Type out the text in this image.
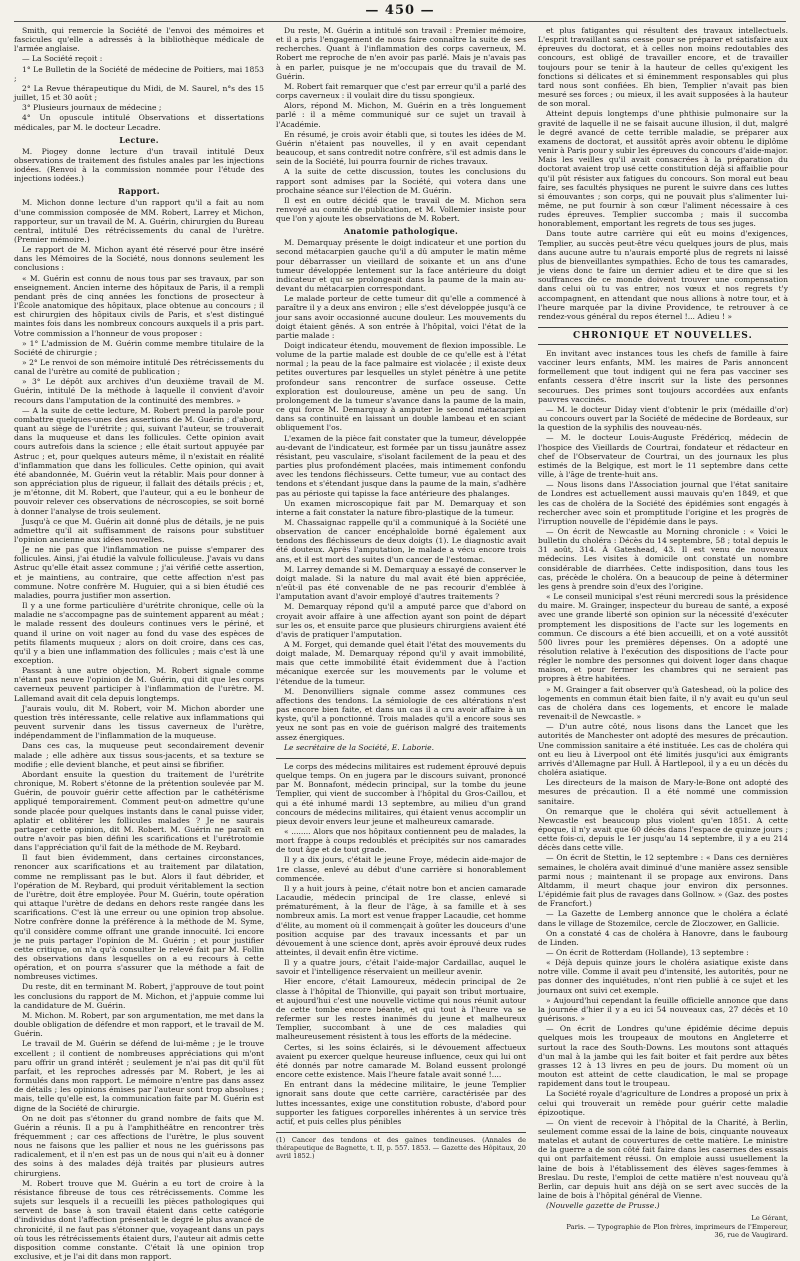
— 450 —

Smith, qui remercie la Société de l'envoi des mémoires et fascicules qu'elle a adressés à la bibliothèque médicale de l'armée anglaise.

— La Société reçoit :

1° Le Bulletin de la Société de médecine de Poitiers, mai 1853 ;

2° La Revue thérapeutique du Midi, de M. Saurel, n°s des 15 juillet, 15 et 30 août ;

3° Plusieurs journaux de médecine ;

4° Un opuscule intitulé Observations et dissertations médicales, par M. le docteur Lecadre.

Lecture.

M. Piogey donne lecture d'un travail intitulé Deux observations de traitement des fistules anales par les injections iodées. (Renvoi à la commission nommée pour l'étude des injections iodées.)

Rapport.

M. Michon donne lecture d'un rapport qu'il a fait au nom d'une commission composée de MM. Robert, Larrey et Michon, rapporteur, sur un travail de M. A. Guérin, chirurgien du Bureau central, intitulé Des rétrécissements du canal de l'urètre. (Premier mémoire.)

Le rapport de M. Michon ayant été réservé pour être inséré dans les Mémoires de la Société, nous donnons seulement les conclusions :

« M. Guérin est connu de nous tous par ses travaux, par son enseignement. Ancien interne des hôpitaux de Paris, il a rempli pendant près de cinq années les fonctions de prosecteur à l'École anatomique des hôpitaux, place obtenue au concours ; il est chirurgien des hôpitaux civils de Paris, et s'est distingué maintes fois dans les nombreux concours auxquels il a pris part. Votre commission a l'honneur de vous proposer :

» 1° L'admission de M. Guérin comme membre titulaire de la Société de chirurgie ;

» 2° Le renvoi de son mémoire intitulé Des rétrécissements du canal de l'urètre au comité de publication ;

» 3° Le dépôt aux archives d'un deuxième travail de M. Guérin, intitulé De la méthode à laquelle il convient d'avoir recours dans l'amputation de la continuité des membres. »

— A la suite de cette lecture, M. Robert prend la parole pour combattre quelques-unes des assertions de M. Guérin ; d'abord, quant au siège de l'urétrite ; qui, suivant l'auteur, se trouverait dans la muqueuse et dans les follicules. Cette opinion avait cours autrefois dans la science ; elle était surtout appuyée par Astruc ; et, pour quelques auteurs même, il n'existait en réalité d'inflammation que dans les follicules. Cette opinion, qui avait été abandonnée, M. Guérin veut la rétablir. Mais pour donner à son appréciation plus de rigueur, il fallait des détails précis ; et, je m'étonne, dit M. Robert, que l'auteur, qui a eu le bonheur de pouvoir relever ces observations de nécroscopies, se soit borné à donner l'analyse de trois seulement.

Jusqu'à ce que M. Guérin ait donné plus de détails, je ne puis admettre qu'il ait suffisamment de raisons pour substituer l'opinion ancienne aux idées nouvelles.

Je ne nie pas que l'inflammation ne puisse s'emparer des follicules. Ainsi, j'ai étudié la valvule folliculeuse. J'avais vu dans Astruc qu'elle était assez commune ; j'ai vérifié cette assertion, et je maintiens, au contraire, que cette affection n'est pas commune. Notre confrère M. Huguier, qui a si bien étudié ces maladies, pourra justifier mon assertion.

Il y a une forme particulière d'urétrite chronique, celle où la maladie ne s'accompagne pas de suintement apparent au méat ; le malade ressent des douleurs continues vers le périné, et quand il urine on voit nager au fond du vase des espèces de petits filaments muqueux ; alors on doit croire, dans ces cas, qu'il y a bien une inflammation des follicules ; mais c'est là une exception.

Passant à une autre objection, M. Robert signale comme n'étant pas neuve l'opinion de M. Guérin, qui dit que les corps caverneux peuvent participer à l'inflammation de l'urètre. M. Lallemand avait dit cela depuis longtemps.

J'aurais voulu, dit M. Robert, voir M. Michon aborder une question très intéressante, celle relative aux inflammations qui peuvent survenir dans les tissus caverneux de l'urètre, indépendamment de l'inflammation de la muqueuse.

Dans ces cas, la muqueuse peut secondairement devenir malade ; elle adhère aux tissus sous-jacents, et sa texture se modifie ; elle devient blanche, et peut ainsi se fibrifier.

Abordant ensuite la question du traitement de l'urétrite chronique, M. Robert s'étonne de la prétention soulevée par M. Guérin, de pouvoir guérir cette affection par le cathétérisme appliqué temporairement. Comment peut-on admettre qu'une sonde placée pour quelques instants dans le canal puisse vider, aplatir et oblitérer les follicules malades ? Je ne saurais partager cette opinion, dit M. Robert. M. Guérin ne paraît en outre n'avoir pas bien défini les scarifications et l'urétrotomie dans l'appréciation qu'il fait de la méthode de M. Reybard.

Il faut bien évidemment, dans certaines circonstances, renoncer aux scarifications et au traitement par dilatation, comme ne remplissant pas le but. Alors il faut débrider, et l'opération de M. Reybard, qui produit véritablement la section de l'urètre, doit être employée. Pour M. Guérin, toute opération qui attaque l'urètre de dedans en dehors reste rangée dans les scarifications. C'est là une erreur ou une opinion trop absolue. Notre confrère donne la préférence à la méthode de M. Syme, qu'il considère comme offrant une grande innocuité. Ici encore je ne puis partager l'opinion de M. Guérin ; et pour justifier cette critique, on n'a qu'à consulter le relevé fait par M. Follin des observations dans lesquelles on a eu recours à cette opération, et on pourra s'assurer que la méthode a fait de nombreuses victimes.

Du reste, dit en terminant M. Robert, j'approuve de tout point les conclusions du rapport de M. Michon, et j'appuie comme lui la candidature de M. Guérin.

M. Michon. M. Robert, par son argumentation, me met dans la double obligation de défendre et mon rapport, et le travail de M. Guérin.

Le travail de M. Guérin se défend de lui-même ; je le trouve excellent ; il contient de nombreuses appréciations qui m'ont paru offrir un grand intérêt ; seulement je n'ai pas dit qu'il fût parfait, et les reproches adressés par M. Robert, je les ai formulés dans mon rapport. Le mémoire n'entre pas dans assez de détails ; les opinions émises par l'auteur sont trop absolues ; mais, telle qu'elle est, la communication faite par M. Guérin est digne de la Société de chirurgie.

On ne doit pas s'étonner du grand nombre de faits que M. Guérin a réunis. Il a pu à l'amphithéâtre en rencontrer très fréquemment ; car ces affections de l'urètre, le plus souvent nous ne faisons que les pallier et nous ne les guérissons pas radicalement, et il n'en est pas un de nous qui n'ait eu à donner des soins à des malades déjà traités par plusieurs autres chirurgiens.

M. Robert trouve que M. Guérin a eu tort de croire à la résistance fibreuse de tous ces rétrécissements. Comme les sujets sur lesquels il a recueilli les pièces pathologiques qui servent de base à son travail étaient dans cette catégorie d'individus dont l'affection présentait le degré le plus avancé de chronicité, il ne faut pas s'étonner que, voyageant dans un pays où tous les rétrécissements étaient durs, l'auteur ait admis cette disposition comme constante. C'était là une opinion trop exclusive, et je l'ai dit dans mon rapport.

Du reste, M. Guérin a intitulé son travail : Premier mémoire, et il a pris l'engagement de nous faire connaître la suite de ses recherches. Quant à l'inflammation des corps caverneux, M. Robert me reproche de n'en avoir pas parlé. Mais je n'avais pas à en parler, puisque je ne m'occupais que du travail de M. Guérin.

M. Robert fait remarquer que c'est par erreur qu'il a parlé des corps caverneux : il voulait dire du tissu spongieux.

Alors, répond M. Michon, M. Guérin en a très longuement parlé : il a même communiqué sur ce sujet un travail à l'Académie.

En résumé, je crois avoir établi que, si toutes les idées de M. Guérin n'étaient pas nouvelles, il y en avait cependant beaucoup, et sans contredit notre confrère, s'il est admis dans le sein de la Société, lui pourra fournir de riches travaux.

A la suite de cette discussion, toutes les conclusions du rapport sont admises par la Société, qui votera dans une prochaine séance sur l'élection de M. Guérin.

Il est en outre décidé que le travail de M. Michon sera renvoyé au comité de publication, et M. Vollemier insiste pour que l'on y ajoute les observations de M. Robert.

Anatomie pathologique.

M. Demarquay présente le doigt indicateur et une portion du second métacarpien gauche qu'il a dû amputer le matin même pour débarrasser un vieillard de soixante et un ans d'une tumeur développée lentement sur la face antérieure du doigt indicateur et qui se prolongeait dans la paume de la main au-devant du métacarpien correspondant.

Le malade porteur de cette tumeur dit qu'elle a commencé à paraître il y a deux ans environ ; elle s'est développée jusqu'à ce jour sans avoir occasionné aucune douleur. Les mouvements du doigt étaient gênés. A son entrée à l'hôpital, voici l'état de la partie malade :

Doigt indicateur étendu, mouvement de flexion impossible. Le volume de la partie malade est double de ce qu'elle est à l'état normal ; la peau de la face palmaire est violacée ; il existe deux petites ouvertures par lesquelles un stylet pénètre à une petite profondeur sans rencontrer de surface osseuse. Cette exploration est douloureuse, amène un peu de sang. Un prolongement de la tumeur s'avance dans la paume de la main, ce qui force M. Demarquay à amputer le second métacarpien dans sa continuité en laissant un double lambeau et en sciant obliquement l'os.

L'examen de la pièce fait constater que la tumeur, développée au-devant de l'indicateur, est formée par un tissu jaunâtre assez résistant, peu vasculaire, s'isolant facilement de la peau et des parties plus profondément placées, mais intimement confondu avec les tendons fléchisseurs. Cette tumeur, vue au contact des tendons et s'étendant jusque dans la paume de la main, s'adhère pas au périoste qui tapisse la face antérieure des phalanges.

Un examen microscopique fait par M. Demarquay et son interne a fait constater la nature fibro-plastique de la tumeur.

M. Chassaignac rappelle qu'il a communiqué à la Société une observation de cancer encéphaloïde borné également aux tendons des fléchisseurs de deux doigts (1). Le diagnostic avait été douteux. Après l'amputation, le malade a vécu encore trois ans, et il est mort des suites d'un cancer de l'estomac.

M. Larrey demande si M. Demarquay a essayé de conserver le doigt malade. Si la nature du mal avait été bien appréciée, n'eût-il pas été convenable de ne pas recourir d'emblée à l'amputation avant d'avoir employé d'autres traitements ?

M. Demarquay répond qu'il a amputé parce que d'abord on croyait avoir affaire à une affection ayant son point de départ sur les os, et ensuite parce que plusieurs chirurgiens avaient été d'avis de pratiquer l'amputation.

A M. Forget, qui demande quel était l'état des mouvements du doigt malade, M. Demarquay répond qu'il y avait immobilité, mais que cette immobilité était évidemment due à l'action mécanique exercée sur les mouvements par le volume et l'étendue de la tumeur.

M. Denonvilliers signale comme assez communes ces affections des tendons. La sémiologie de ces altérations n'est pas encore bien faite, et dans un cas il a cru avoir affaire à un kyste, qu'il a ponctionné. Trois malades qu'il a encore sous ses yeux ne sont pas en voie de guérison malgré des traitements assez énergiques.

Le secrétaire de la Société, E. Laborie.

Le corps des médecins militaires est rudement éprouvé depuis quelque temps. On en jugera par le discours suivant, prononcé par M. Bonnafont, médecin principal, sur la tombe du jeune Templier, qui vient de succomber à l'hôpital du Gros-Caillou, et qui a été inhumé mardi 13 septembre, au milieu d'un grand concours de médecins militaires, qui étaient venus accomplir un pieux devoir envers leur jeune et malheureux camarade.

« ........ Alors que nos hôpitaux contiennent peu de malades, la mort frappe à coups redoublés et précipités sur nos camarades de tout âge et de tout grade.

Il y a dix jours, c'était le jeune Froye, médecin aide-major de 1re classe, enlevé au début d'une carrière si honorablement commencée.

Il y a huit jours à peine, c'était notre bon et ancien camarade Lacaudie, médecin principal de 1re classe, enlevé si prématurément, à la fleur de l'âge, à sa famille et à ses nombreux amis. La mort est venue frapper Lacaudie, cet homme d'élite, au moment où il commençait à goûter les douceurs d'une position acquise par des travaux incessants et par un dévouement à une science dont, après avoir éprouvé deux rudes atteintes, il devait enfin être victime.

Il y a quatre jours, c'était l'aide-major Cardaillac, auquel le savoir et l'intelligence réservaient un meilleur avenir.

Hier encore, c'était Lamoureux, médecin principal de 2e classe à l'hôpital de Thionville, qui payait son tribut mortuaire, et aujourd'hui c'est une nouvelle victime qui nous réunit autour de cette tombe encore béante, et qui tout à l'heure va se refermer sur les restes inanimés du jeune et malheureux Templier, succombant à une de ces maladies qui malheureusement résistent à tous les efforts de la médecine.

Certes, si les soins éclairés, si le dévouement affectueux avaient pu exercer quelque heureuse influence, ceux qui lui ont été donnés par notre camarade M. Boland eussent prolongé encore cette existence. Mais l'heure fatale avait sonné !....

En entrant dans la médecine militaire, le jeune Templier ignorait sans doute que cette carrière, caractérisée par des luttes incessantes, exige une constitution robuste, d'abord pour supporter les fatigues corporelles inhérentes à un service très actif, et puis celles plus pénibles

(1) Cancer des tendons et des gaines tendineuses. (Annales de thérapeutique de Bagnette, t. II, p. 557. 1853. — Gazette des Hôpitaux, 20 avril 1852.)

et plus fatigantes qui résultent des travaux intellectuels. L'esprit travaillant sans cesse pour se préparer et satisfaire aux épreuves du doctorat, et à celles non moins redoutables des concours, est obligé de travailler encore, et de travailler toujours pour se tenir à la hauteur de celles qu'exigent les fonctions si délicates et si éminemment responsables qui plus tard nous sont confiées. Eh bien, Templier n'avait pas bien mesuré ses forces ; ou mieux, il les avait supposées à la hauteur de son moral.

Atteint depuis longtemps d'une phthisie pulmonaire sur la gravité de laquelle il ne se faisait aucune illusion, il dut, malgré le degré avancé de cette terrible maladie, se préparer aux examens de doctorat, et aussitôt après avoir obtenu le diplôme venir à Paris pour y subir les épreuves du concours d'aide-major. Mais les veilles qu'il avait consacrées à la préparation du doctorat avaient trop usé cette constitution déjà si affaiblie pour qu'il pût résister aux fatigues du concours. Son moral eut beau faire, ses facultés physiques ne purent le suivre dans ces luttes si émouvantes ; son corps, qui ne pouvait plus s'alimenter lui-même, ne put fournir à son cœur l'aliment nécessaire à ces rudes épreuves. Templier succomba ; mais il succomba honorablement, emportant les regrets de tous ses juges.

Dans toute autre carrière qui eût eu moins d'exigences, Templier, au succès peut-être vécu quelques jours de plus, mais dans aucune autre tu n'aurais emporté plus de regrets ni laissé plus de bienveillantes sympathies. Écho de tous tes camarades, je viens donc te faire un dernier adieu et te dire que si les souffrances de ce monde doivent trouver une compensation dans celui où tu vas entrer, nos vœux et nos regrets t'y accompagnent, en attendant que nous allions à notre tour, et à l'heure marquée par la divine Providence, te retrouver à ce rendez-vous général du repos éternel !... Adieu ! »

CHRONIQUE ET NOUVELLES.

En invitant avec instances tous les chefs de famille à faire vacciner leurs enfants, MM. les maires de Paris annoncent formellement que tout indigent qui ne fera pas vacciner ses enfants cessera d'être inscrit sur la liste des personnes secourues. Des primes sont toujours accordées aux enfants pauvres vaccinés.

— M. le docteur Diday vient d'obtenir le prix (médaille d'or) au concours ouvert par la Société de médecine de Bordeaux, sur la question de la syphilis des nouveau-nés.

— M. le docteur Louis-Auguste Frédéricq, médecin de l'hospice des Vieillards de Courtrai, fondateur et rédacteur en chef de l'Observateur de Courtrai, un des journaux les plus estimés de la Belgique, est mort le 11 septembre dans cette ville, à l'âge de trente-huit ans.

— Nous lisons dans l'Association journal que l'état sanitaire de Londres est actuellement aussi mauvais qu'en 1849, et que les cas de choléra de la Société des épidémies sont engagés à rechercher avec soin et promptitude l'origine et les progrès de l'irruption nouvelle de l'épidémie dans le pays.

— On écrit de Newcastle au Morning chronicle : « Voici le bulletin du choléra : Décès du 14 septembre, 58 ; total depuis le 31 août, 314. À Gateshead, 43. Il est venu de nouveaux médecins. Les visites à domicile ont constaté un nombre considérable de diarrhées. Cette indisposition, dans tous les cas, précède le choléra. On a beaucoup de peine à déterminer les gens à prendre soin d'eux des l'origine.

« Le conseil municipal s'est réuni mercredi sous la présidence du maire. M. Grainger, inspecteur du bureau de santé, a exposé avec une grande liberté son opinion sur la nécessité d'exécuter promptement les dispositions de l'acte sur les logements en commun. Ce discours a été bien accueilli, et on a voté aussitôt 500 livres pour les premières dépenses. On a adopté une résolution relative à l'exécution des dispositions de l'acte pour régler le nombre des personnes qui doivent loger dans chaque maison, et pour fermer les chambres qui ne seraient pas propres à être habitées.

» M. Grainger a fait observer qu'à Gateshead, où la police des logements en commun était bien faite, il n'y avait eu qu'un seul cas de choléra dans ces logements, et encore le malade revenait-il de Newcastle. »

— D'un autre côté, nous lisons dans the Lancet que les autorités de Manchester ont adopté des mesures de précaution. Une commission sanitaire a été instituée. Les cas de choléra qui ont eu lieu à Liverpool ont été limités jusqu'ici aux émigrants arrivés d'Allemagne par Hull. À Hartlepool, il y a eu un décès du choléra asiatique.

Les directeurs de la maison de Mary-le-Bone ont adopté des mesures de précaution. Il a été nommé une commission sanitaire.

On remarque que le choléra qui sévit actuellement à Newcastle est beaucoup plus violent qu'en 1851. A cette époque, il n'y avait que 60 décès dans l'espace de quinze jours ; cette fois-ci, depuis le 1er jusqu'au 14 septembre, il y a eu 214 décès dans cette ville.

— On écrit de Stettin, le 12 septembre : « Dans ces dernières semaines, le choléra avait diminué d'une manière assez sensible parmi nous ; maintenant il se propage aux environs. Dans Altdamm, il meurt chaque jour environ dix personnes. L'épidémie fait plus de ravages dans Gollnow. » (Gaz. des postes de Francfort.)

— La Gazette de Lemberg annonce que le choléra a éclaté dans le village de Stozemilce, cercle de Zloczower, en Gallicie.

On a constaté 4 cas de choléra à Hanovre, dans le faubourg de Linden.

— On écrit de Rotterdam (Hollande), 13 septembre :

« Déjà depuis quinze jours le choléra asiatique existe dans notre ville. Comme il avait peu d'intensité, les autorités, pour ne pas donner des inquiétudes, n'ont rien publié à ce sujet et les journaux ont suivi cet exemple.

» Aujourd'hui cependant la feuille officielle annonce que dans la journée d'hier il y a eu ici 54 nouveaux cas, 27 décès et 10 guérisons. »

— On écrit de Londres qu'une épidémie décime depuis quelques mois les troupeaux de moutons en Angleterre et surtout la race des South-Downs. Les moutons sont attaqués d'un mal à la jambe qui les fait boiter et fait perdre aux bêtes grasses 12 à 13 livres en peu de jours. Du moment où un mouton est atteint de cette claudication, le mal se propage rapidement dans tout le troupeau.

La Société royale d'agriculture de Londres a proposé un prix à celui qui trouverait un remède pour guérir cette maladie épizootique.

— On vient de recevoir à l'hôpital de la Charité, à Berlin, seulement comme essai de la laine de bois, cinquante nouveaux matelas et autant de couvertures de cette matière. Le ministre de la guerre a de son côté fait faire dans les casernes des essais qui ont parfaitement réussi. On emploie aussi usuellement la laine de bois à l'établissement des élèves sages-femmes à Breslau. Du reste, l'emploi de cette matière n'est nouveau qu'à Berlin, car depuis huit ans déjà on se sert avec succès de la laine de bois à l'hôpital général de Vienne.

(Nouvelle gazette de Prusse.)

Le Gérant,
Paris. — Typographie de Plon frères, imprimeurs de l'Empereur,
36, rue de Vaugirard.
